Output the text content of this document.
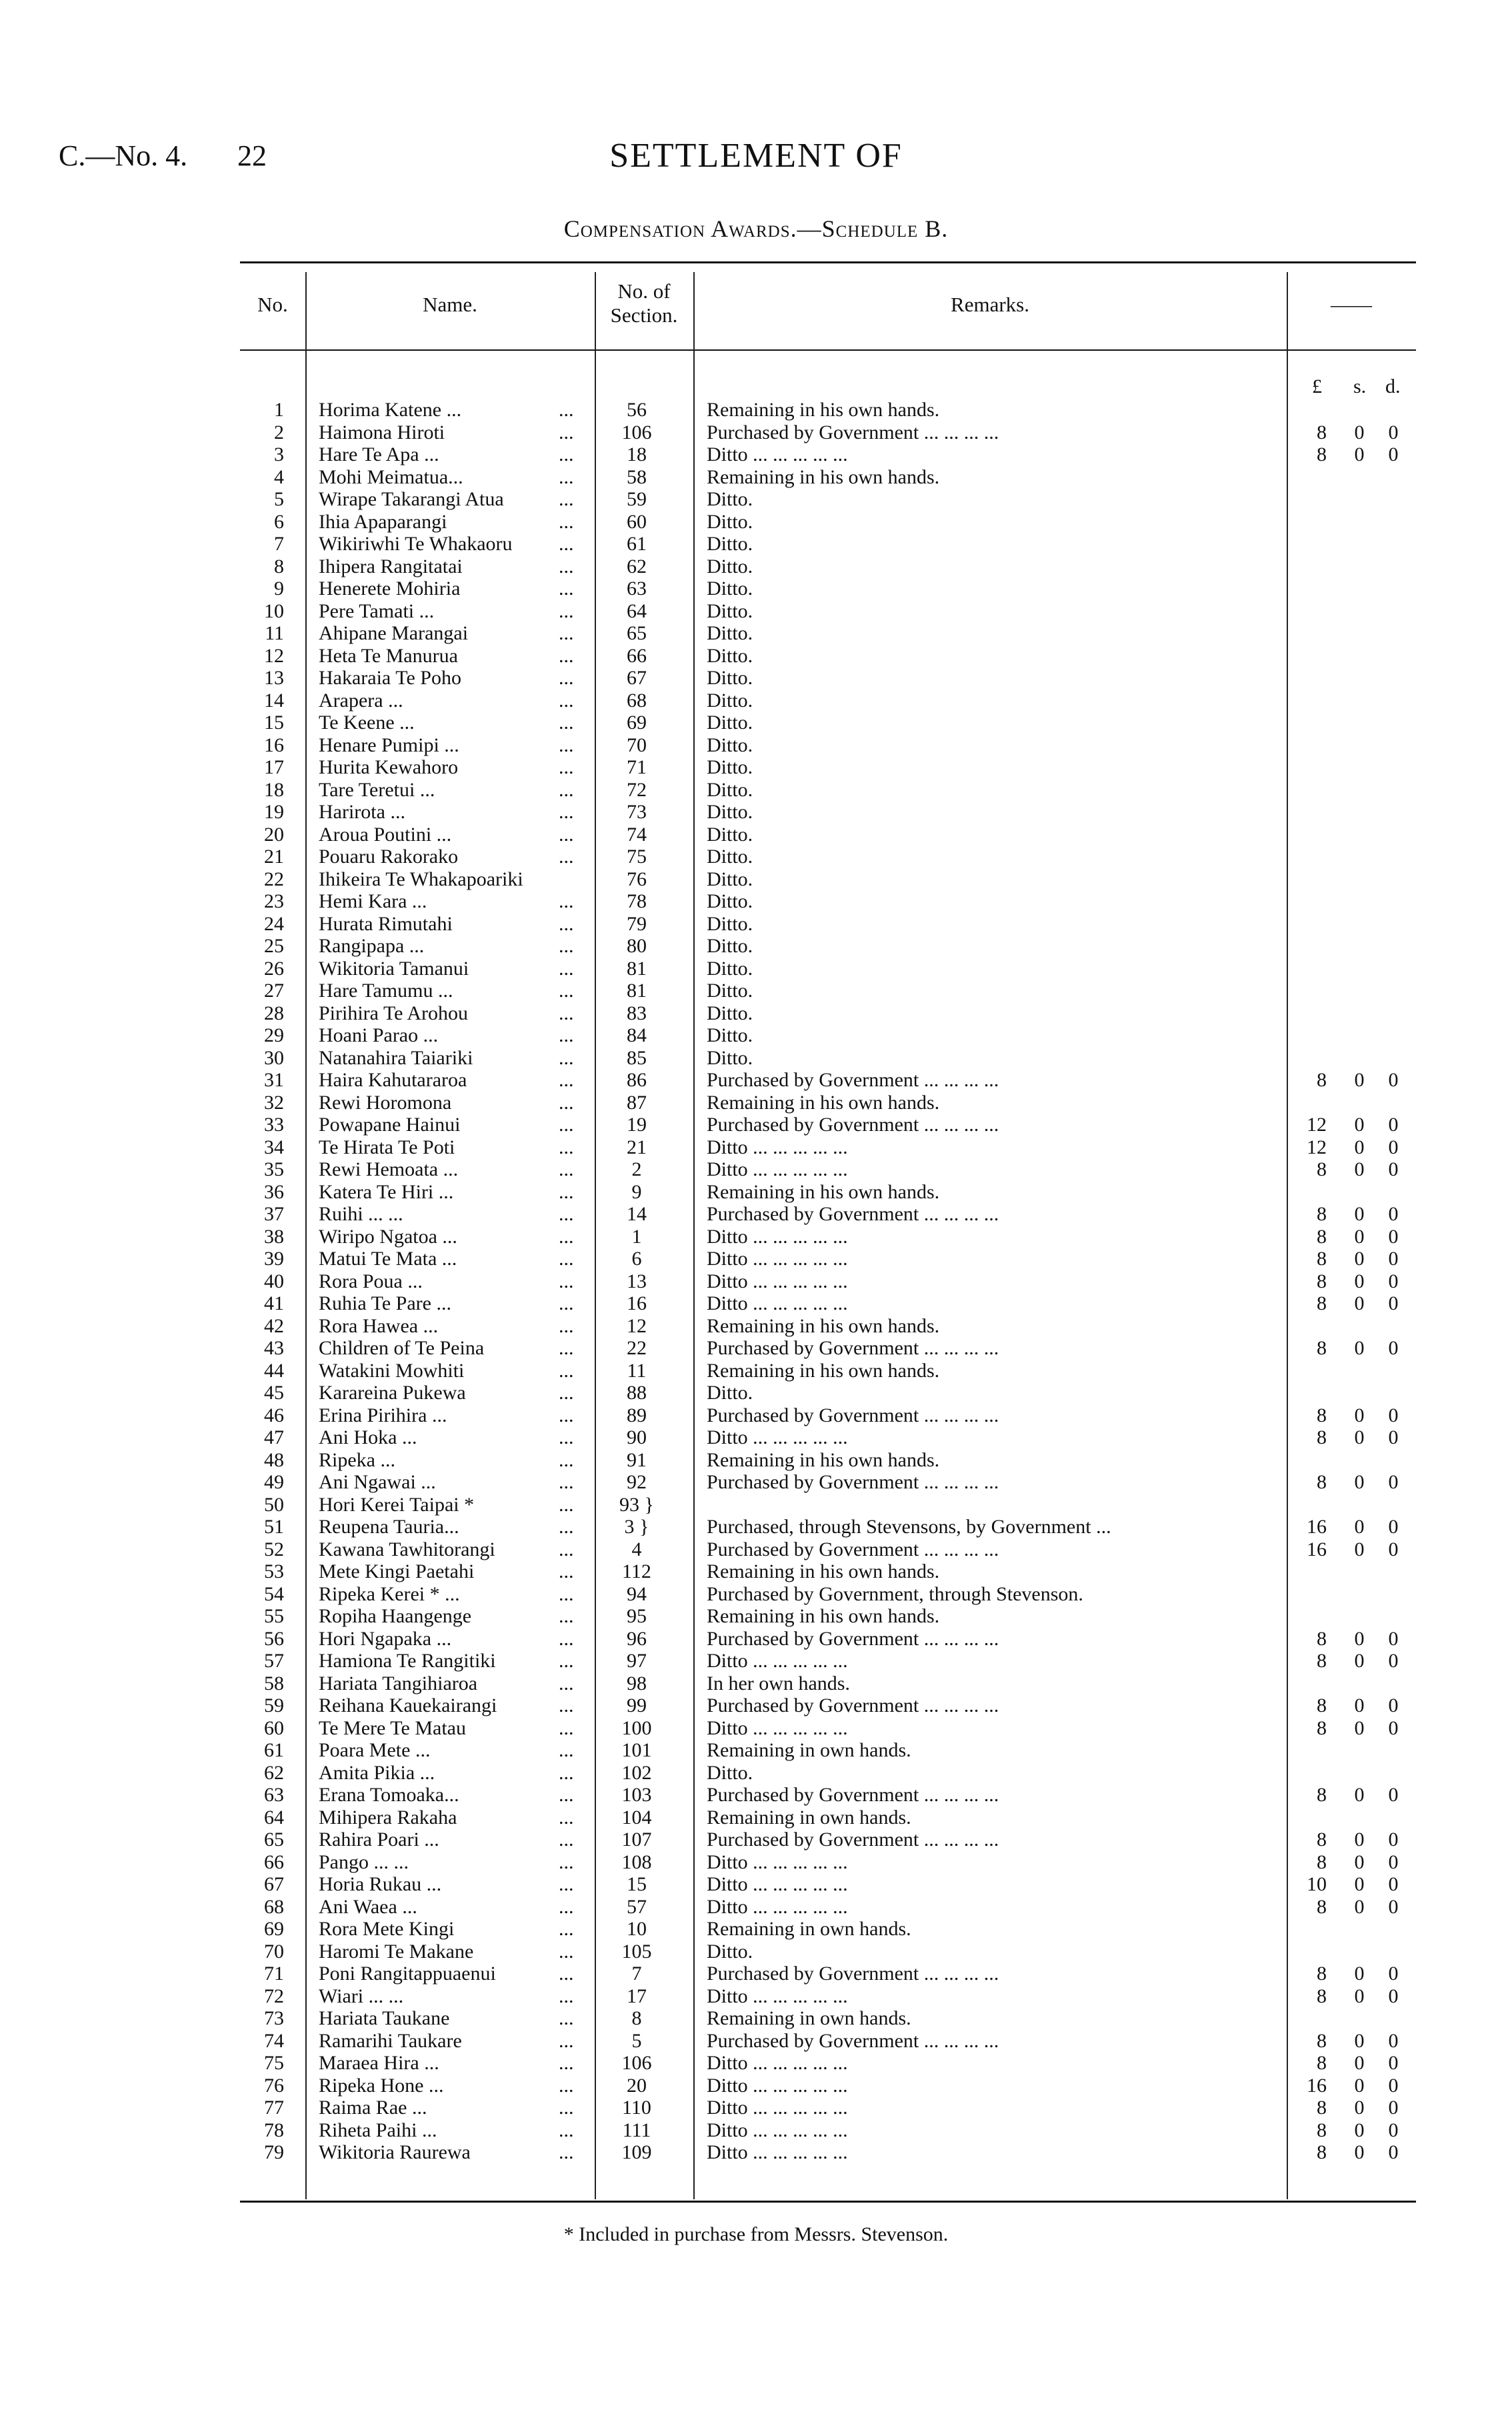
C.—No. 4. 22	SETTLEMENT OF
Compensation Awards.—Schedule B.
No.	Name.
No. of
Section.	Remarks.	——
£ s. d.
1 Horima Katene ...	...	56	Remaining in his own hands.
2 Haimona Hiroti	...	106	Purchased by Government ... ... ... ...	8 0	0
3 Hare Te Apa ...	...	18	Ditto ... ... ... ... ...	8 0	0
4 Mohi Meimatua...	...	58	Remaining in his own hands.
5 Wirape Takarangi Atua	...	59	Ditto.
6 Ihia Apaparangi	...	60	Ditto.
7 Wikiriwhi Te Whakaoru ...	61	Ditto.
8 Ihipera Rangitatai	...	62	Ditto.
9 Henerete Mohiria	...	63	Ditto.
10 Pere Tamati ...	...	64	Ditto.
11 Ahipane Marangai	...	65	Ditto.
12 Heta Te Manurua	...	66	Ditto.
13 Hakaraia Te Poho	...	67	Ditto.
14 Arapera ...	...	68	Ditto.
15 Te Keene ...	...	69	Ditto.
16 Henare Pumipi ...	...	70	Ditto.
17 Hurita Kewahoro	...	71	Ditto.
18 Tare Teretui ...	...	72	Ditto.
19 Harirota ...	...	73	Ditto.
20 Aroua Poutini ...	...	74	Ditto.
21 Pouaru Rakorako	...	75	Ditto.
22 Ihikeira Te Whakapoariki	76	Ditto.
23 Hemi Kara ...	...	78	Ditto.
24 Hurata Rimutahi	...	79	Ditto.
25 Rangipapa ...	...	80	Ditto.
26 Wikitoria Tamanui	...	81	Ditto.
27 Hare Tamumu ...	...	81	Ditto.
28 Pirihira Te Arohou	...	83	Ditto.
29 Hoani Parao ...	...	84	Ditto.
30 Natanahira Taiariki	...	85	Ditto.
31 Haira Kahutararoa	...	86	Purchased by Government ... ... ... ...	8 0	0
32 Rewi Horomona	...	87	Remaining in his own hands.
33 Powapane Hainui	...	19	Purchased by Government ... ... ... ...	12 0	0
34 Te Hirata Te Poti	...	21	Ditto ... ... ... ... ...	12 0	0
35 Rewi Hemoata ...	...	2	Ditto ... ... ... ... ...	8 0	0
36 Katera Te Hiri ...	...	9	Remaining in his own hands.
37 Ruihi ... ...	...	14	Purchased by Government ... ... ... ...	8 0	0
38 Wiripo Ngatoa ...	...	1	Ditto ... ... ... ... ...	8 0	0
39 Matui Te Mata ...	...	6	Ditto ... ... ... ... ...	8 0	0
40 Rora Poua ...	...	13	Ditto ... ... ... ... ...	8 0	0
41 Ruhia Te Pare ...	...	16	Ditto ... ... ... ... ...	8 0	0
42 Rora Hawea ...	...	12	Remaining in his own hands.
43 Children of Te Peina	...	22	Purchased by Government ... ... ... ...	8 0	0
44 Watakini Mowhiti	...	11	Remaining in his own hands.
45 Karareina Pukewa	...	88	Ditto.
46 Erina Pirihira ...	...	89	Purchased by Government ... ... ... ...	8 0	0
47 Ani Hoka ...	...	90	Ditto ... ... ... ... ...	8 0	0
48 Ripeka ...	...	91	Remaining in his own hands.
49 Ani Ngawai ...	...	92	Purchased by Government ... ... ... ...	8 0	0
50 Hori Kerei Taipai *	...	93 }
51 Reupena Tauria...	...	3 }	Purchased, through Stevensons, by Government ...	16 0	0
52 Kawana Tawhitorangi	...	4	Purchased by Government ... ... ... ...	16 0	0
53 Mete Kingi Paetahi	...	112	Remaining in his own hands.
54 Ripeka Kerei * ...	...	94	Purchased by Government, through Stevenson.
55 Ropiha Haangenge	...	95	Remaining in his own hands.
56 Hori Ngapaka ...	...	96	Purchased by Government ... ... ... ...	8 0	0
57 Hamiona Te Rangitiki	...	97	Ditto ... ... ... ... ...	8 0	0
58 Hariata Tangihiaroa	...	98	In her own hands.
59 Reihana Kauekairangi	...	99	Purchased by Government ... ... ... ...	8 0	0
60 Te Mere Te Matau	...	100	Ditto ... ... ... ... ...	8 0	0
61 Poara Mete ...	...	101	Remaining in own hands.
62 Amita Pikia ...	...	102	Ditto.
63 Erana Tomoaka...	...	103	Purchased by Government ... ... ... ...	8 0	0
64 Mihipera Rakaha	...	104	Remaining in own hands.
65 Rahira Poari ...	...	107	Purchased by Government ... ... ... ...	8 0	0
66 Pango ... ...	...	108	Ditto ... ... ... ... ...	8 0	0
67 Horia Rukau ...	...	15	Ditto ... ... ... ... ...	10 0	0
68 Ani Waea ...	...	57	Ditto ... ... ... ... ...	8 0	0
69 Rora Mete Kingi	...	10	Remaining in own hands.
70 Haromi Te Makane	...	105	Ditto.
71 Poni Rangitappuaenui	...	7	Purchased by Government ... ... ... ...	8 0	0
72 Wiari ... ...	...	17	Ditto ... ... ... ... ...	8 0	0
73 Hariata Taukane	...	8	Remaining in own hands.
74 Ramarihi Taukare	...	5	Purchased by Government ... ... ... ...	8 0	0
75 Maraea Hira ...	...	106	Ditto ... ... ... ... ...	8 0	0
76 Ripeka Hone ...	...	20	Ditto ... ... ... ... ...	16 0	0
77 Raima Rae ...	...	110	Ditto ... ... ... ... ...	8 0	0
78 Riheta Paihi ...	...	111	Ditto ... ... ... ... ...	8 0	0
79 Wikitoria Raurewa	...	109	Ditto ... ... ... ... ...	8 0	0
* Included in purchase from Messrs. Stevenson.
